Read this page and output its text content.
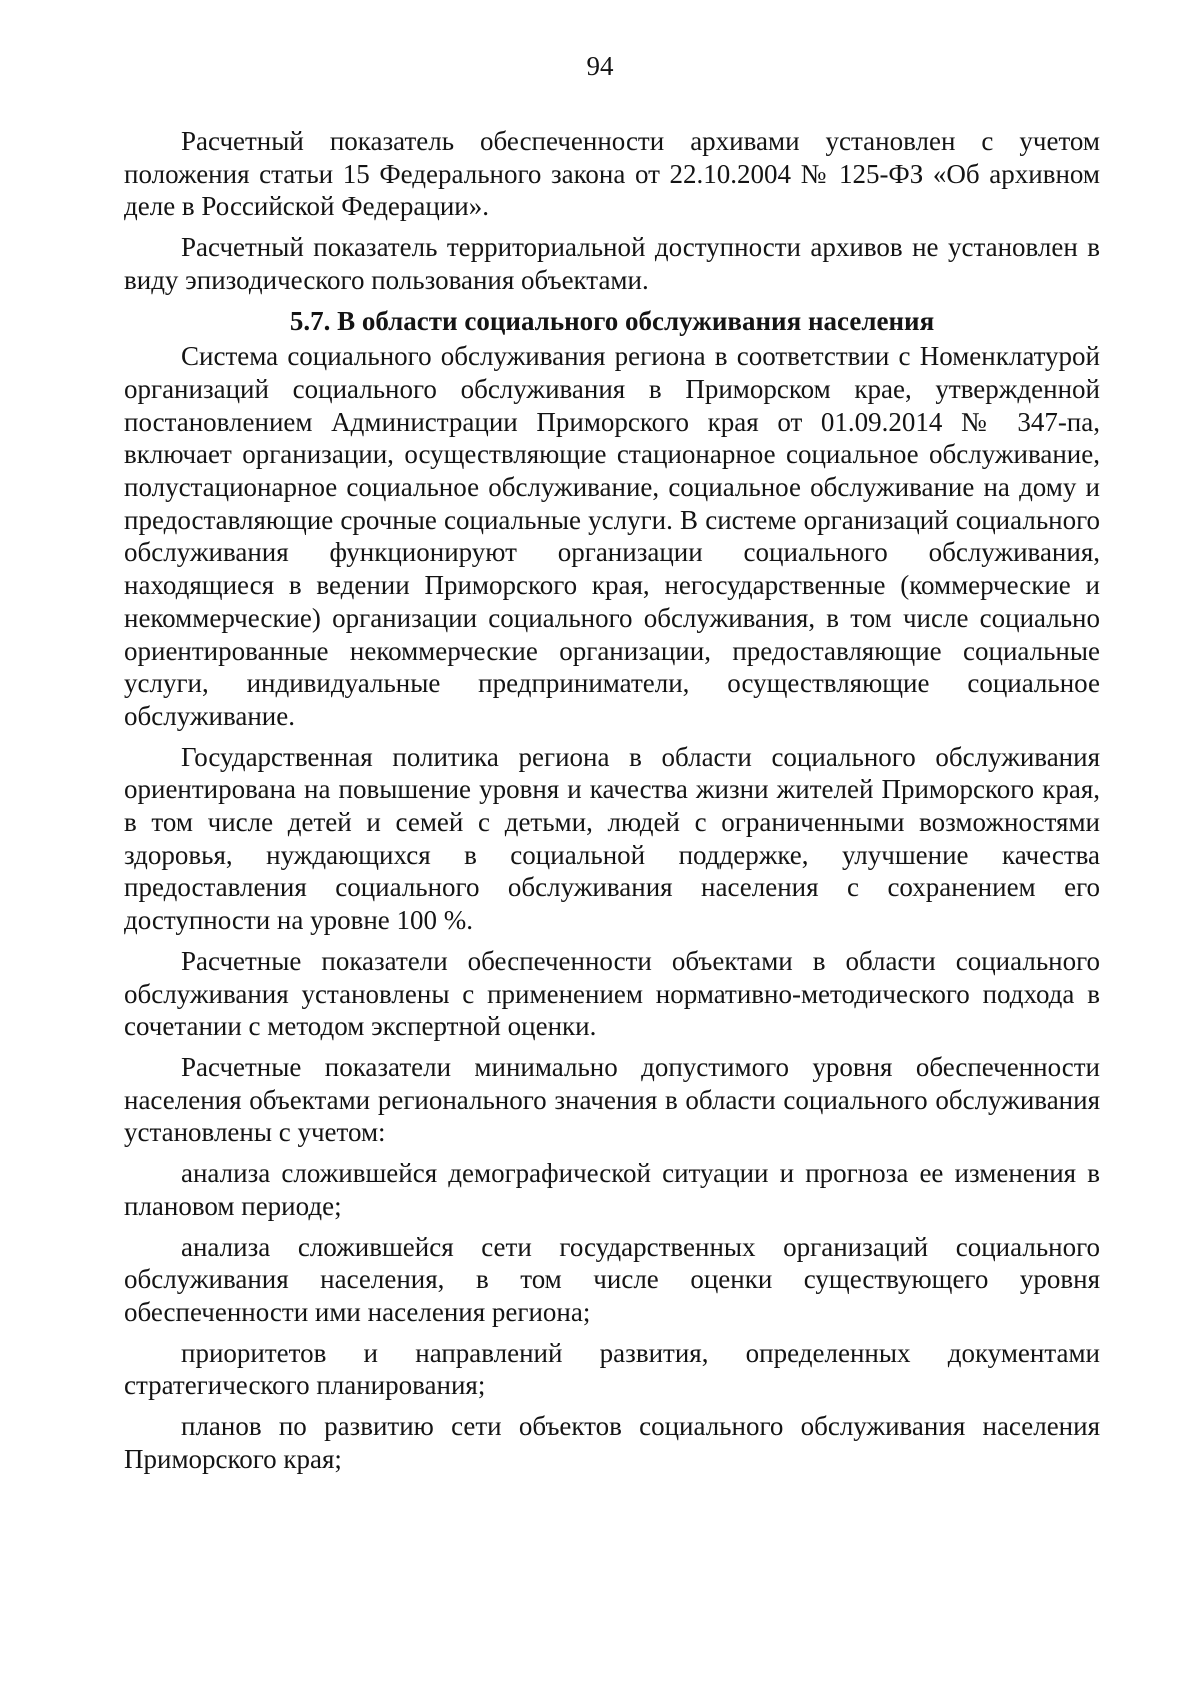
94

Расчетный показатель обеспеченности архивами установлен с учетом положения статьи 15 Федерального закона от 22.10.2004 № 125-ФЗ «Об архивном деле в Российской Федерации».

Расчетный показатель территориальной доступности архивов не установлен в виду эпизодического пользования объектами.

5.7. В области социального обслуживания населения

Система социального обслуживания региона в соответствии с Номенклатурой организаций социального обслуживания в Приморском крае, утвержденной постановлением Администрации Приморского края от 01.09.2014 № 347-па, включает организации, осуществляющие стационарное социальное обслуживание, полустационарное социальное обслуживание, социальное обслуживание на дому и предоставляющие срочные социальные услуги. В системе организаций социального обслуживания функционируют организации социального обслуживания, находящиеся в ведении Приморского края, негосударственные (коммерческие и некоммерческие) организации социального обслуживания, в том числе социально ориентированные некоммерческие организации, предоставляющие социальные услуги, индивидуальные предприниматели, осуществляющие социальное обслуживание.

Государственная политика региона в области социального обслуживания ориентирована на повышение уровня и качества жизни жителей Приморского края, в том числе детей и семей с детьми, людей с ограниченными возможностями здоровья, нуждающихся в социальной поддержке, улучшение качества предоставления социального обслуживания населения с сохранением его доступности на уровне 100 %.

Расчетные показатели обеспеченности объектами в области социального обслуживания установлены с применением нормативно-методического подхода в сочетании с методом экспертной оценки.

Расчетные показатели минимально допустимого уровня обеспеченности населения объектами регионального значения в области социального обслуживания установлены с учетом:

анализа сложившейся демографической ситуации и прогноза ее изменения в плановом периоде;

анализа сложившейся сети государственных организаций социального обслуживания населения, в том числе оценки существующего уровня обеспеченности ими населения региона;

приоритетов и направлений развития, определенных документами стратегического планирования;

планов по развитию сети объектов социального обслуживания населения Приморского края;
